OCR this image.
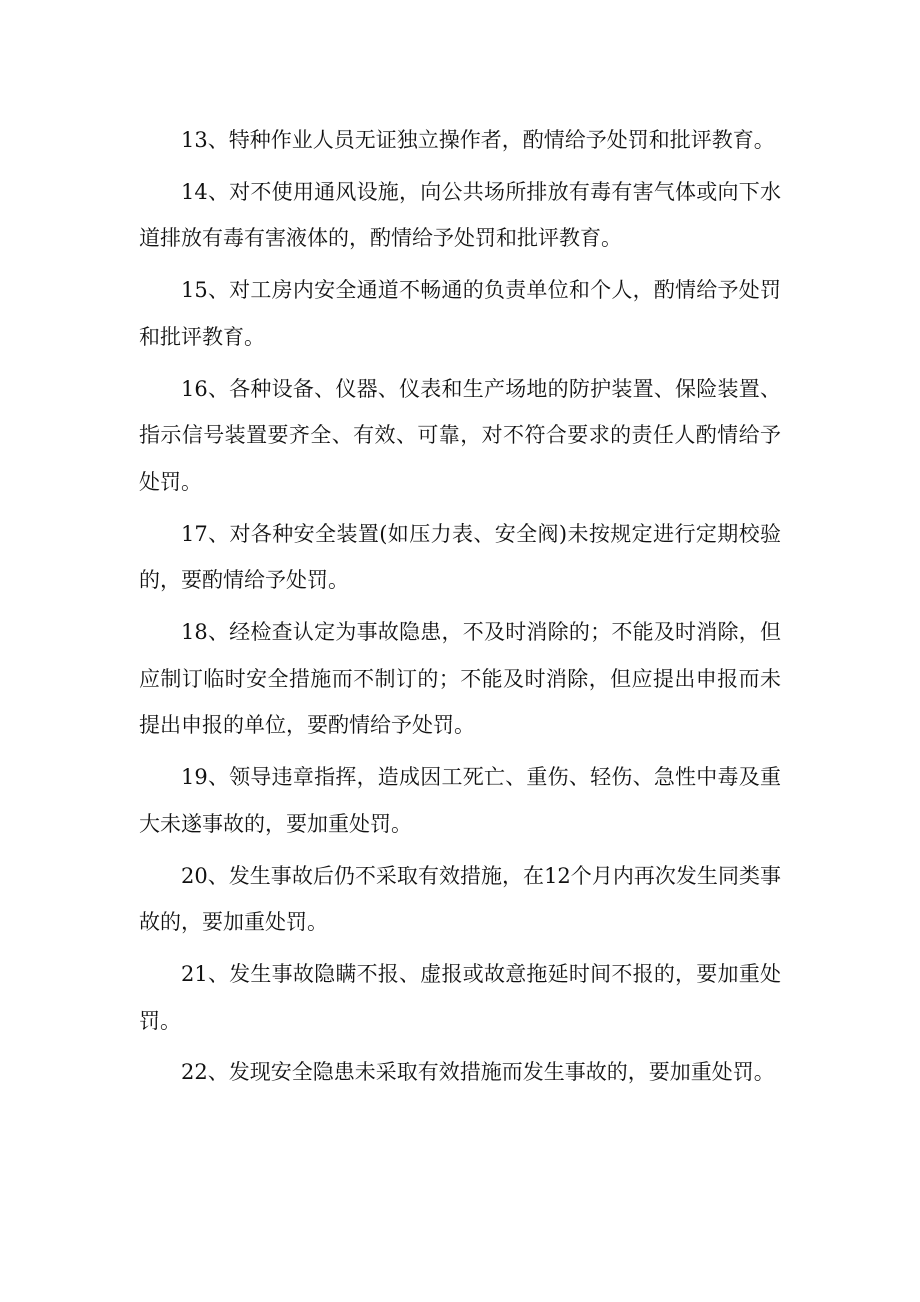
13、特种作业人员无证独立操作者，酌情给予处罚和批评教育。

14、对不使用通风设施，向公共场所排放有毒有害气体或向下水道排放有毒有害液体的，酌情给予处罚和批评教育。

15、对工房内安全通道不畅通的负责单位和个人，酌情给予处罚和批评教育。

16、各种设备、仪器、仪表和生产场地的防护装置、保险装置、指示信号装置要齐全、有效、可靠，对不符合要求的责任人酌情给予处罚。

17、对各种安全装置(如压力表、安全阀)未按规定进行定期校验的，要酌情给予处罚。

18、经检查认定为事故隐患，不及时消除的；不能及时消除，但应制订临时安全措施而不制订的；不能及时消除，但应提出申报而未提出申报的单位，要酌情给予处罚。

19、领导违章指挥，造成因工死亡、重伤、轻伤、急性中毒及重大未遂事故的，要加重处罚。

20、发生事故后仍不采取有效措施，在12个月内再次发生同类事故的，要加重处罚。

21、发生事故隐瞒不报、虚报或故意拖延时间不报的，要加重处罚。

22、发现安全隐患未采取有效措施而发生事故的，要加重处罚。
